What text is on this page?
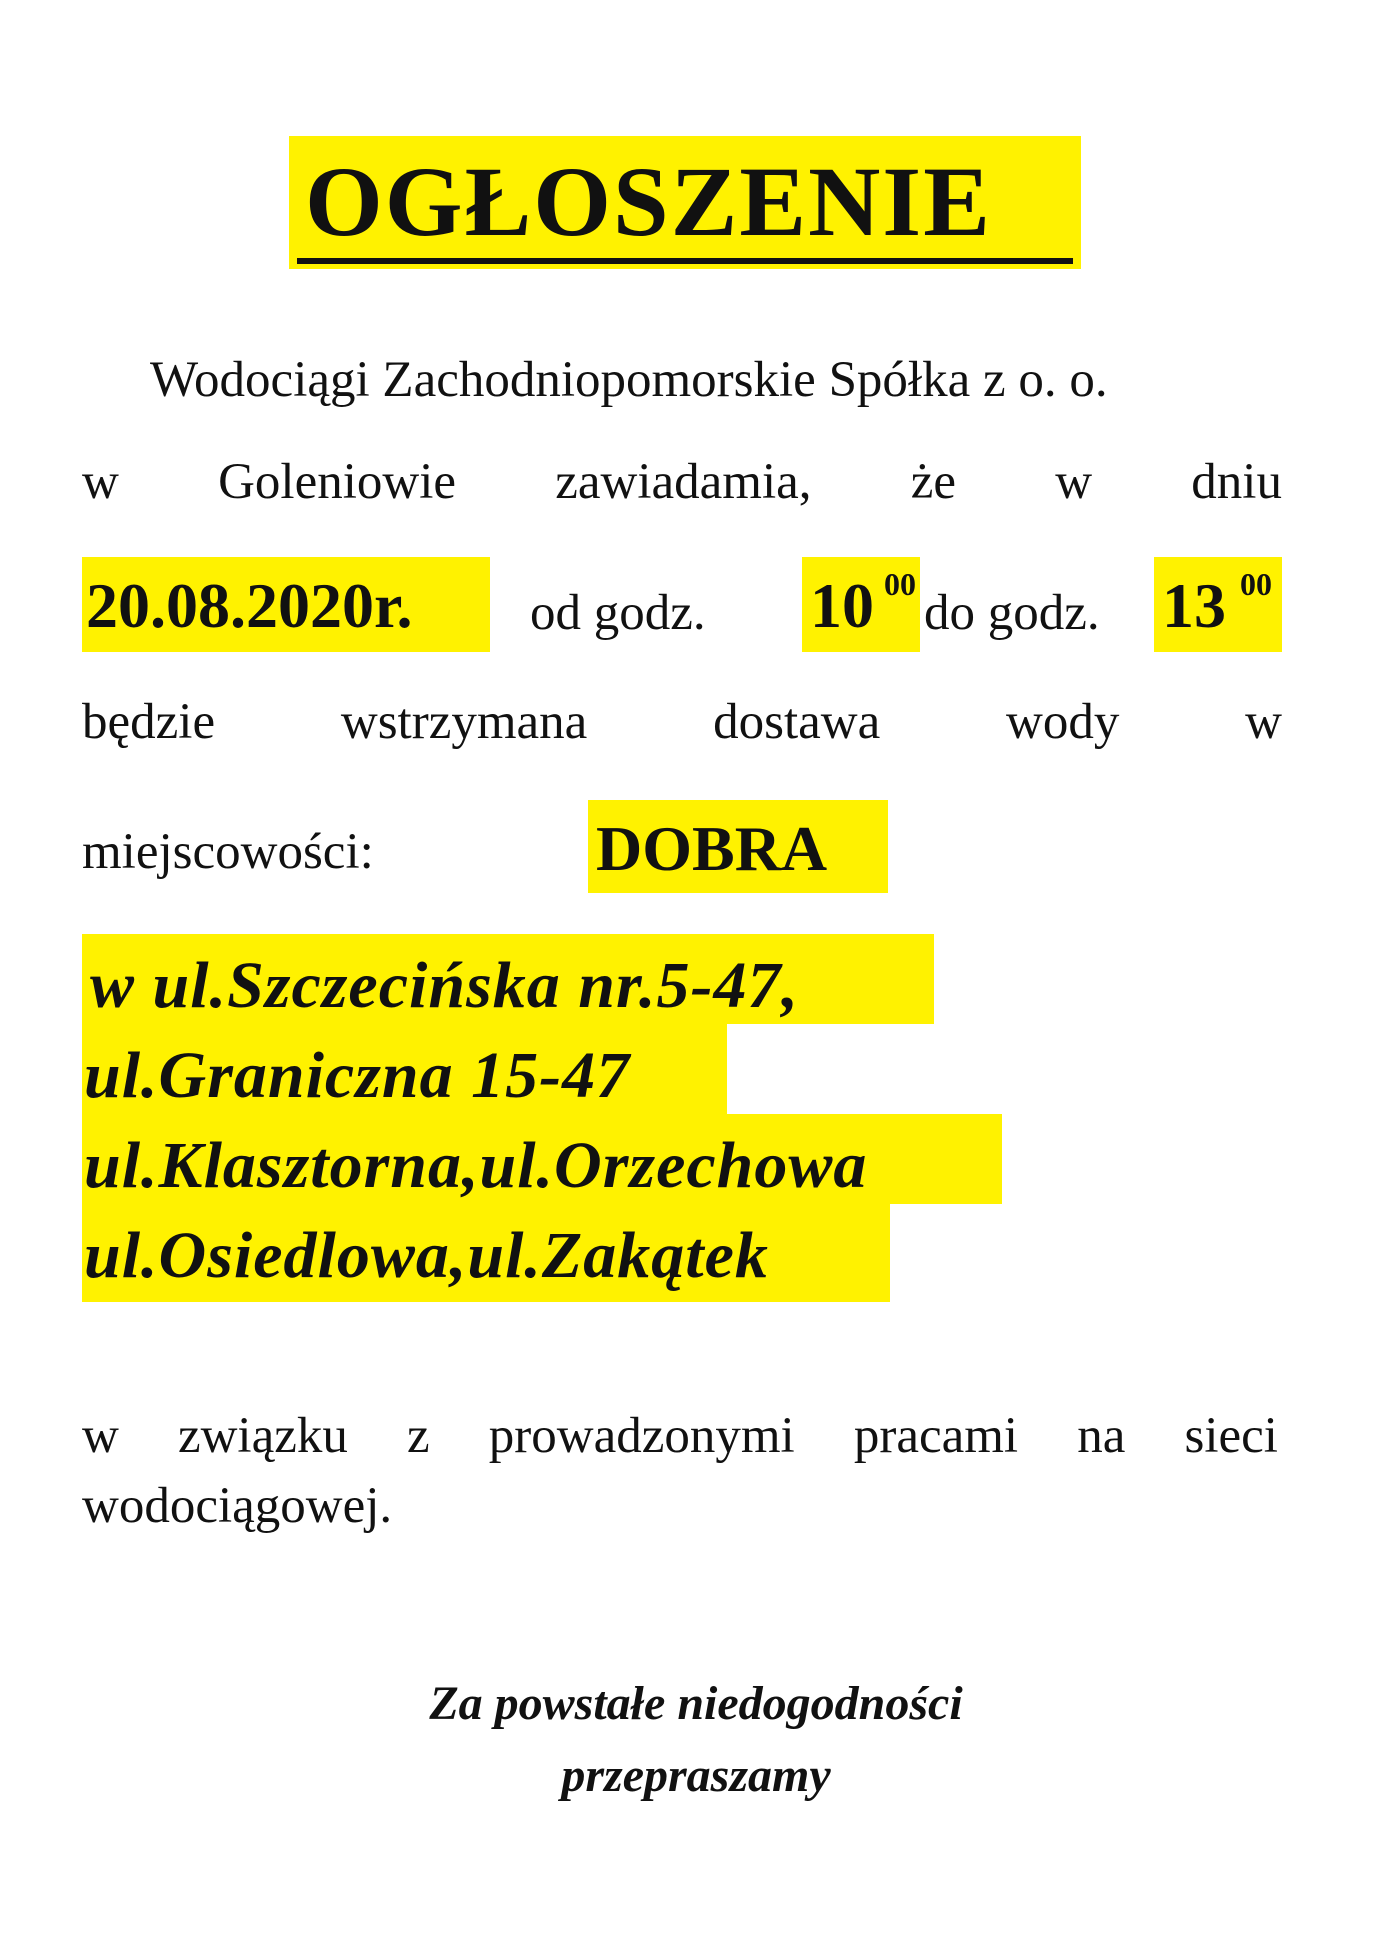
OGŁOSZENIE
Wodociągi Zachodniopomorskie Spółka z o. o.
w Goleniowie zawiadamia, że w dniu
20.08.2020r. od godz. 10 00
do godz. 13 00
będzie wstrzymana dostawa wody w
miejscowości:	DOBRA
w ul.Szczecińska nr.5-47,
ul.Graniczna 15-47
ul.Klasztorna,ul.Orzechowa
ul.Osiedlowa,ul.Zakątek
w związku z prowadzonymi pracami na sieci
wodociągowej.
Za powstałe niedogodności
przepraszamy
